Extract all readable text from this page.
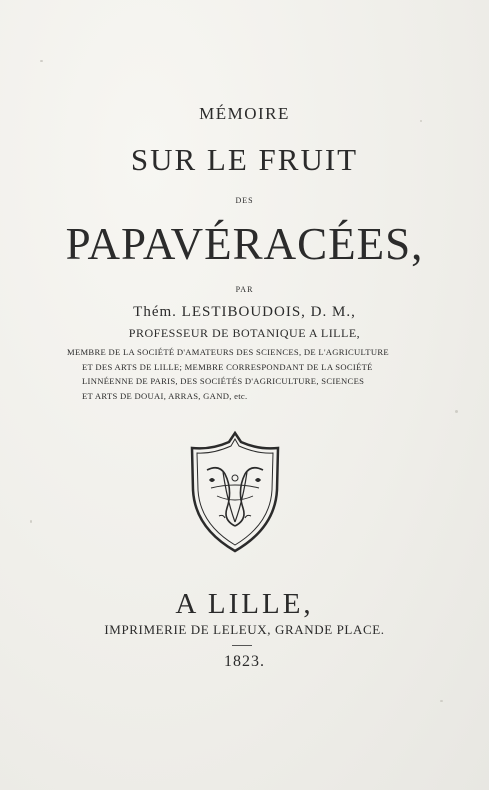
MÉMOIRE
SUR LE FRUIT
DES
PAPAVÉRACÉES,
PAR
Thém. LESTIBOUDOIS, D. M.,
PROFESSEUR DE BOTANIQUE A LILLE,
MEMBRE DE LA SOCIÉTÉ D'AMATEURS DES SCIENCES, DE L'AGRICULTURE
ET DES ARTS DE LILLE; MEMBRE CORRESPONDANT DE LA SOCIÉTÉ
LINNÉENNE DE PARIS, DES SOCIÉTÉS D'AGRICULTURE, SCIENCES
ET ARTS DE DOUAI, ARRAS, GAND, etc.
A LILLE,
IMPRIMERIE DE LELEUX, GRANDE PLACE.
1823.
